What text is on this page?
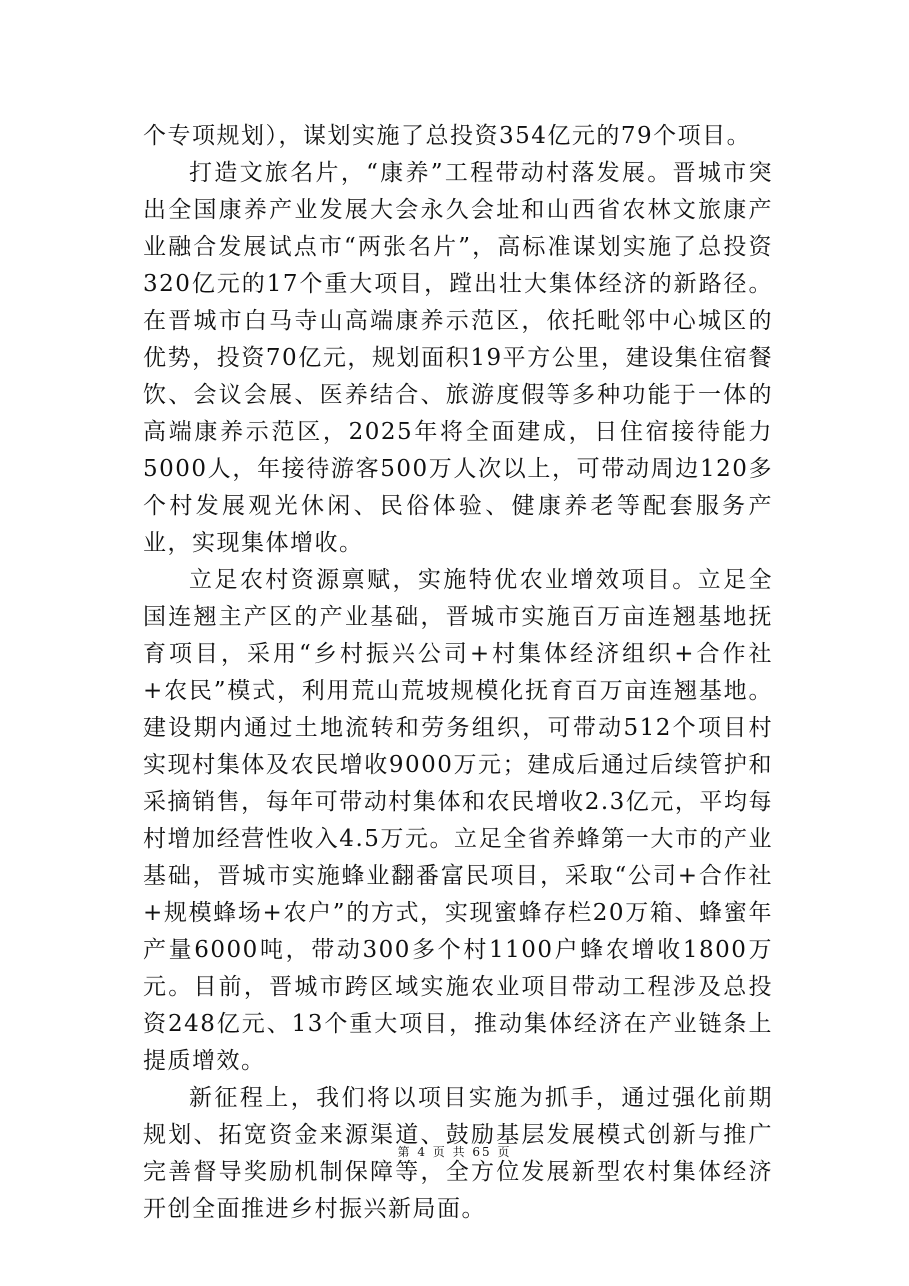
个专项规划），谋划实施了总投资354亿元的79个项目。

打造文旅名片，“康养”工程带动村落发展。晋城市突出全国康养产业发展大会永久会址和山西省农林文旅康产业融合发展试点市“两张名片”，高标准谋划实施了总投资320亿元的17个重大项目，蹚出壮大集体经济的新路径。在晋城市白马寺山高端康养示范区，依托毗邻中心城区的优势，投资70亿元，规划面积19平方公里，建设集住宿餐饮、会议会展、医养结合、旅游度假等多种功能于一体的高端康养示范区，2025年将全面建成，日住宿接待能力5000人，年接待游客500万人次以上，可带动周边120多个村发展观光休闲、民俗体验、健康养老等配套服务产业，实现集体增收。

立足农村资源禀赋，实施特优农业增效项目。立足全国连翘主产区的产业基础，晋城市实施百万亩连翘基地抚育项目，采用“乡村振兴公司+村集体经济组织+合作社+农民”模式，利用荒山荒坡规模化抚育百万亩连翘基地。建设期内通过土地流转和劳务组织，可带动512个项目村实现村集体及农民增收9000万元；建成后通过后续管护和采摘销售，每年可带动村集体和农民增收2.3亿元，平均每村增加经营性收入4.5万元。立足全省养蜂第一大市的产业基础，晋城市实施蜂业翻番富民项目，采取“公司+合作社+规模蜂场+农户”的方式，实现蜜蜂存栏20万箱、蜂蜜年产量6000吨，带动300多个村1100户蜂农增收1800万元。目前，晋城市跨区域实施农业项目带动工程涉及总投资248亿元、13个重大项目，推动集体经济在产业链条上提质增效。

新征程上，我们将以项目实施为抓手，通过强化前期规划、拓宽资金来源渠道、鼓励基层发展模式创新与推广完善督导奖励机制保障等，全方位发展新型农村集体经济开创全面推进乡村振兴新局面。

第 4 页 共 65 页
